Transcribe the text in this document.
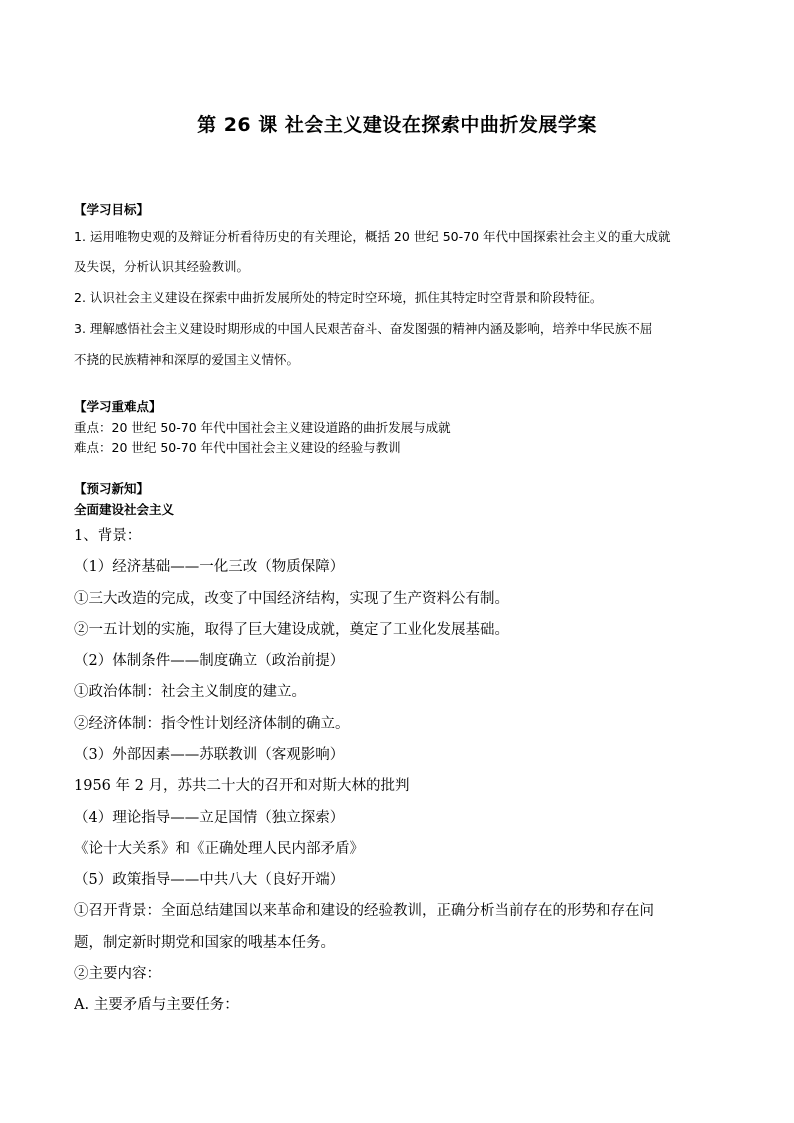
第 26 课 社会主义建设在探索中曲折发展学案
【学习目标】
1. 运用唯物史观的及辩证分析看待历史的有关理论，概括 20 世纪 50-70 年代中国探索社会主义的重大成就
及失误，分析认识其经验教训。
2. 认识社会主义建设在探索中曲折发展所处的特定时空环境，抓住其特定时空背景和阶段特征。
3. 理解感悟社会主义建设时期形成的中国人民艰苦奋斗、奋发图强的精神内涵及影响，培养中华民族不屈
不挠的民族精神和深厚的爱国主义情怀。
【学习重难点】
重点：20 世纪 50-70 年代中国社会主义建设道路的曲折发展与成就
难点：20 世纪 50-70 年代中国社会主义建设的经验与教训
【预习新知】
全面建设社会主义
1、背景：
（1）经济基础——一化三改（物质保障）
①三大改造的完成，改变了中国经济结构，实现了生产资料公有制。
②一五计划的实施，取得了巨大建设成就，奠定了工业化发展基础。
（2）体制条件——制度确立（政治前提）
①政治体制：社会主义制度的建立。
②经济体制：指令性计划经济体制的确立。
（3）外部因素——苏联教训（客观影响）
1956 年 2 月，苏共二十大的召开和对斯大林的批判
（4）理论指导——立足国情（独立探索）
《论十大关系》和《正确处理人民内部矛盾》
（5）政策指导——中共八大（良好开端）
①召开背景：全面总结建国以来革命和建设的经验教训，正确分析当前存在的形势和存在问
题，制定新时期党和国家的哦基本任务。
②主要内容：
A. 主要矛盾与主要任务：
